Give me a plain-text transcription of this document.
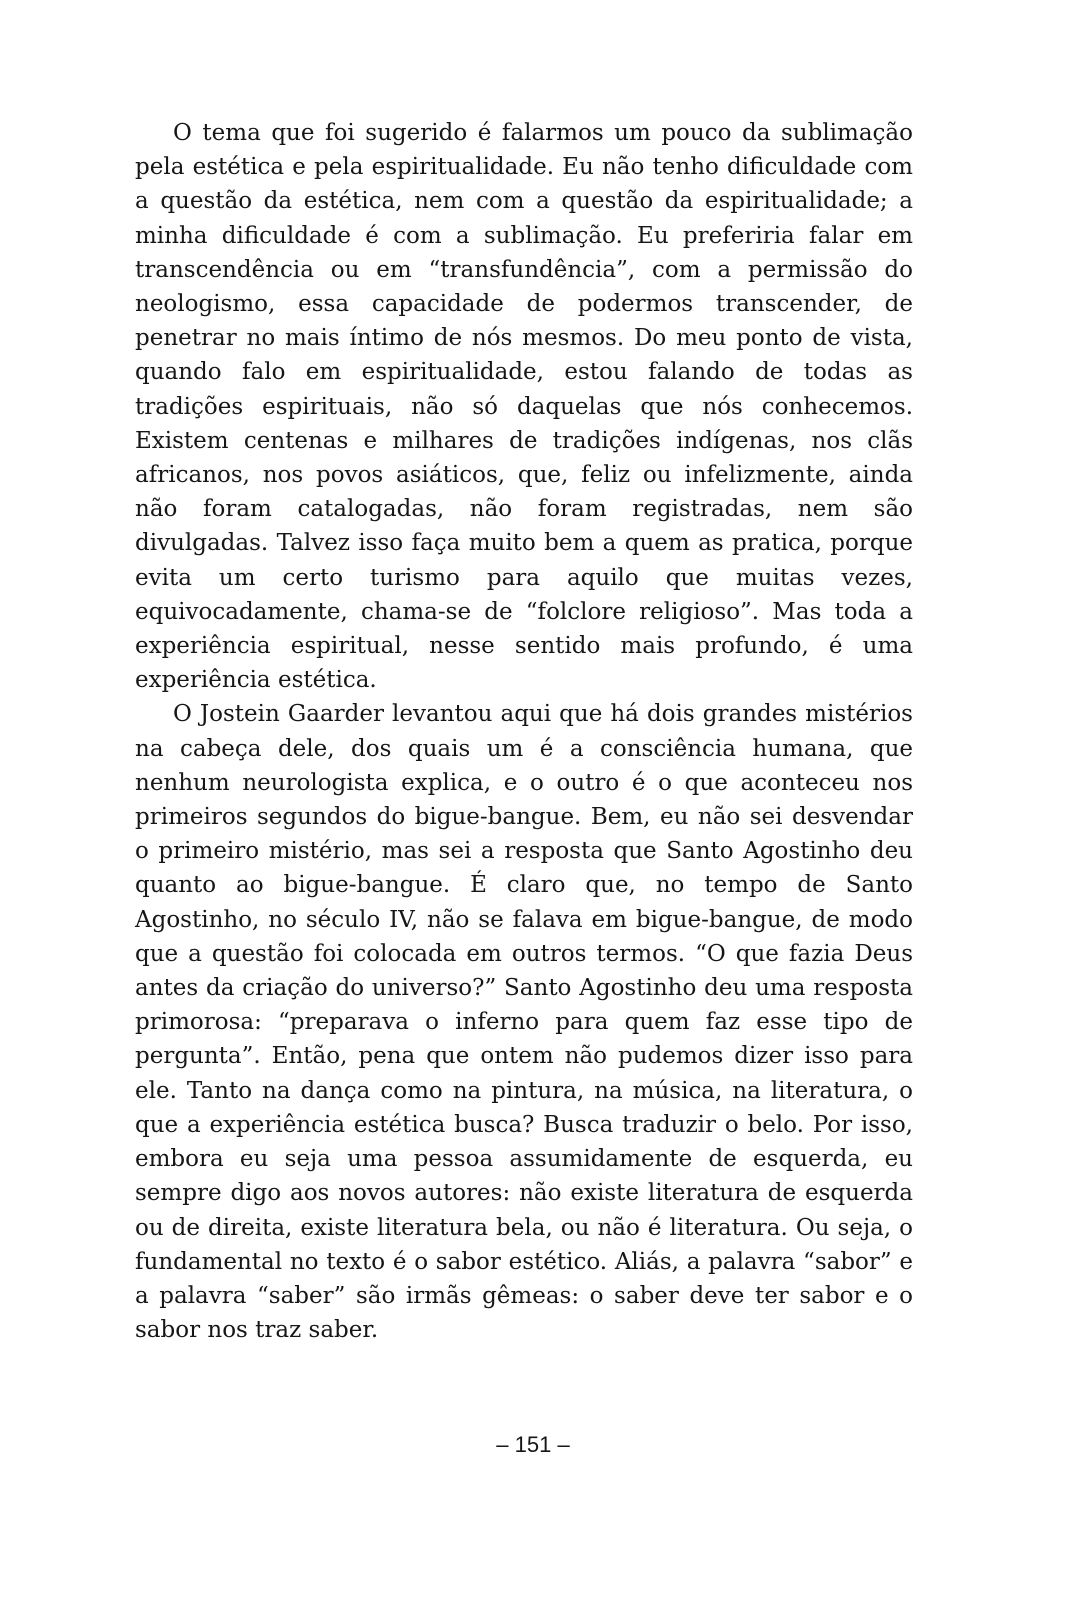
O tema que foi sugerido é falarmos um pouco da sublimação pela estética e pela espiritualidade. Eu não tenho dificuldade com a questão da estética, nem com a questão da espiritualidade; a minha dificuldade é com a sublimação. Eu preferiria falar em transcendência ou em “transfundência”, com a permissão do neologismo, essa capacidade de podermos transcender, de penetrar no mais íntimo de nós mesmos. Do meu ponto de vista, quando falo em espiritualidade, estou falando de todas as tradições espirituais, não só daquelas que nós conhecemos. Existem centenas e milhares de tradições indígenas, nos clãs africanos, nos povos asiáticos, que, feliz ou infelizmente, ainda não foram catalogadas, não foram registradas, nem são divulgadas. Talvez isso faça muito bem a quem as pratica, porque evita um certo turismo para aquilo que muitas vezes, equivocadamente, chama-se de “folclore religioso”. Mas toda a experiência espiritual, nesse sentido mais profundo, é uma experiência estética.

O Jostein Gaarder levantou aqui que há dois grandes mistérios na cabeça dele, dos quais um é a consciência humana, que nenhum neurologista explica, e o outro é o que aconteceu nos primeiros segundos do bigue-bangue. Bem, eu não sei desvendar o primeiro mistério, mas sei a resposta que Santo Agostinho deu quanto ao bigue-bangue. É claro que, no tempo de Santo Agostinho, no século IV, não se falava em bigue-bangue, de modo que a questão foi colocada em outros termos. “O que fazia Deus antes da criação do universo?” Santo Agostinho deu uma resposta primorosa: “preparava o inferno para quem faz esse tipo de pergunta”. Então, pena que ontem não pudemos dizer isso para ele. Tanto na dança como na pintura, na música, na literatura, o que a experiência estética busca? Busca traduzir o belo. Por isso, embora eu seja uma pessoa assumidamente de esquerda, eu sempre digo aos novos autores: não existe literatura de esquerda ou de direita, existe literatura bela, ou não é literatura. Ou seja, o fundamental no texto é o sabor estético. Aliás, a palavra “sabor” e a palavra “saber” são irmãs gêmeas: o saber deve ter sabor e o sabor nos traz saber.

– 151 –
